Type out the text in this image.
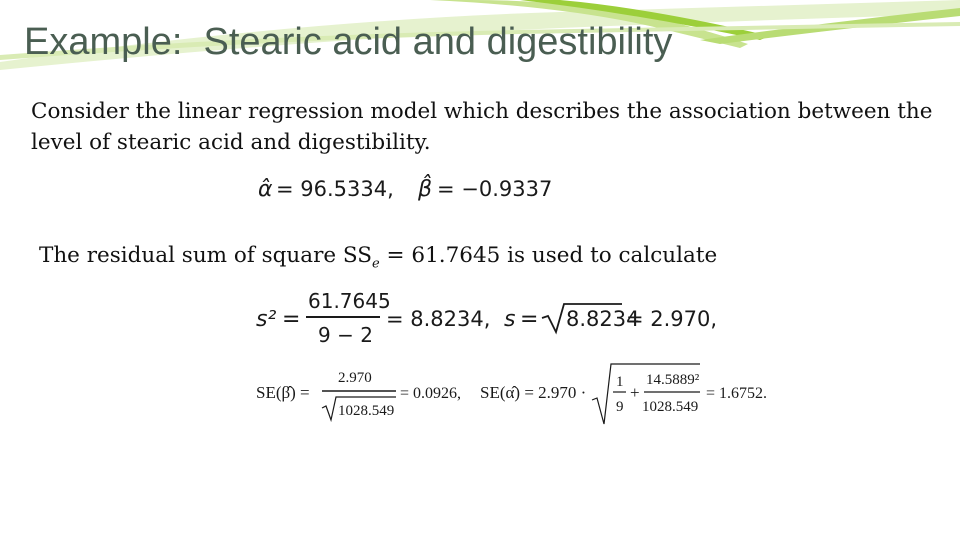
Example:  Stearic acid and digestibility

Consider the linear regression model which describes the association between the level of stearic acid and digestibility.

α̂ = 96.5334, β̂ = −0.9337

The residual sum of square $SS_e = 61.7645$ is used to calculate

s² =
61.7645
9 − 2
= 8.8234, s = 8.8234
= 2.970,
SE(β̂) =
2.970
1028.549
= 0.0926, SE(α̂) = 2.970 ·
1
9
+
14.5889²
1028.549
= 1.6752.
